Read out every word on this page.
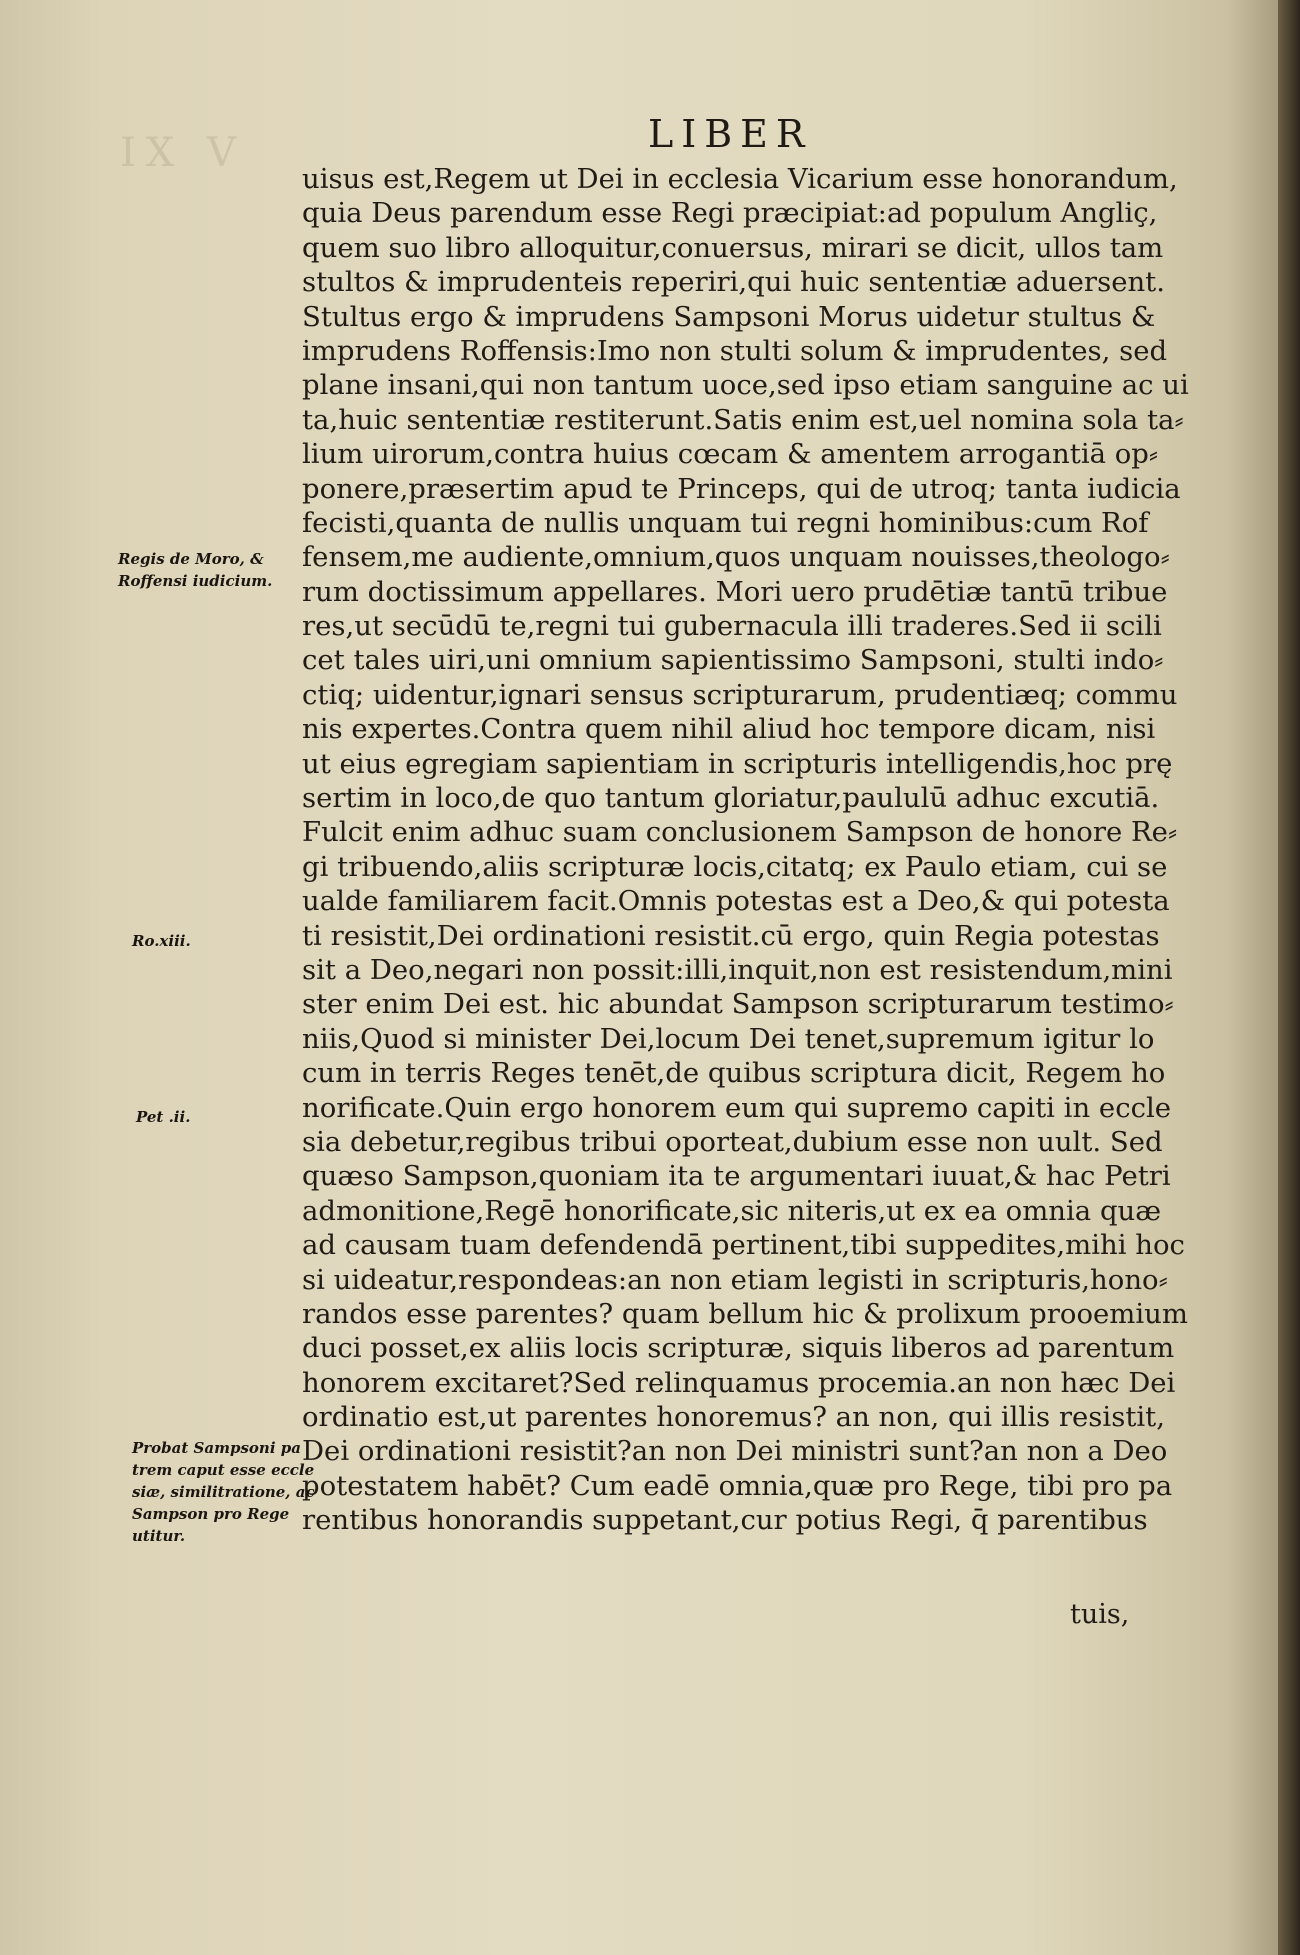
IX V	LIBER
uisus est,Regem ut Dei in ecclesia Vicarium esse honorandum,
quia Deus parendum esse Regi præcipiat:ad populum Angliç,
quem suo libro alloquitur,conuersus, mirari se dicit, ullos tam
stultos & imprudenteis reperiri,qui huic sententiæ aduersent.
Stultus ergo & imprudens Sampsoni Morus uidetur stultus &
imprudens Roffensis:Imo non stulti solum & imprudentes, sed
plane insani,qui non tantum uoce,sed ipso etiam sanguine ac ui
ta,huic sententiæ restiterunt.Satis enim est,uel nomina sola ta⸗
lium uirorum,contra huius cœcam & amentem arrogantiā op⸗
ponere,præsertim apud te Princeps, qui de utroq; tanta iudicia
fecisti,quanta de nullis unquam tui regni hominibus:cum Rof
fensem,me audiente,omnium,quos unquam nouisses,theologo⸗
rum doctissimum appellares. Mori uero prudētiæ tantū tribue
res,ut secūdū te,regni tui gubernacula illi traderes.Sed ii scili
cet tales uiri,uni omnium sapientissimo Sampsoni, stulti indo⸗
ctiq; uidentur,ignari sensus scripturarum, prudentiæq; commu
nis expertes.Contra quem nihil aliud hoc tempore dicam, nisi
ut eius egregiam sapientiam in scripturis intelligendis,hoc prę
sertim in loco,de quo tantum gloriatur,paululū adhuc excutiā.
Fulcit enim adhuc suam conclusionem Sampson de honore Re⸗
gi tribuendo,aliis scripturæ locis,citatq; ex Paulo etiam, cui se
ualde familiarem facit.Omnis potestas est a Deo,& qui potesta
ti resistit,Dei ordinationi resistit.cū ergo, quin Regia potestas
sit a Deo,negari non possit:illi,inquit,non est resistendum,mini
ster enim Dei est. hic abundat Sampson scripturarum testimo⸗
niis,Quod si minister Dei,locum Dei tenet,supremum igitur lo
cum in terris Reges tenēt,de quibus scriptura dicit, Regem ho
norificate.Quin ergo honorem eum qui supremo capiti in eccle
sia debetur,regibus tribui oporteat,dubium esse non uult. Sed
quæso Sampson,quoniam ita te argumentari iuuat,& hac Petri
admonitione,Regē honorificate,sic niteris,ut ex ea omnia quæ
ad causam tuam defendendā pertinent,tibi suppedites,mihi hoc
si uideatur,respondeas:an non etiam legisti in scripturis,hono⸗
randos esse parentes? quam bellum hic & prolixum prooemium
duci posset,ex aliis locis scripturæ, siquis liberos ad parentum
honorem excitaret?Sed relinquamus procemia.an non hæc Dei
ordinatio est,ut parentes honoremus? an non, qui illis resistit,
Dei ordinationi resistit?an non Dei ministri sunt?an non a Deo
potestatem habēt? Cum eadē omnia,quæ pro Rege, tibi pro pa
rentibus honorandis suppetant,cur potius Regi, q̄ parentibus
tuis,
Regis de Moro, &
Roffensi iudicium.
Ro.xiii.
Pet .ii.
Probat Sampsoni pa
trem caput esse eccle
siæ, similitratione, ac
Sampson pro Rege
utitur.
